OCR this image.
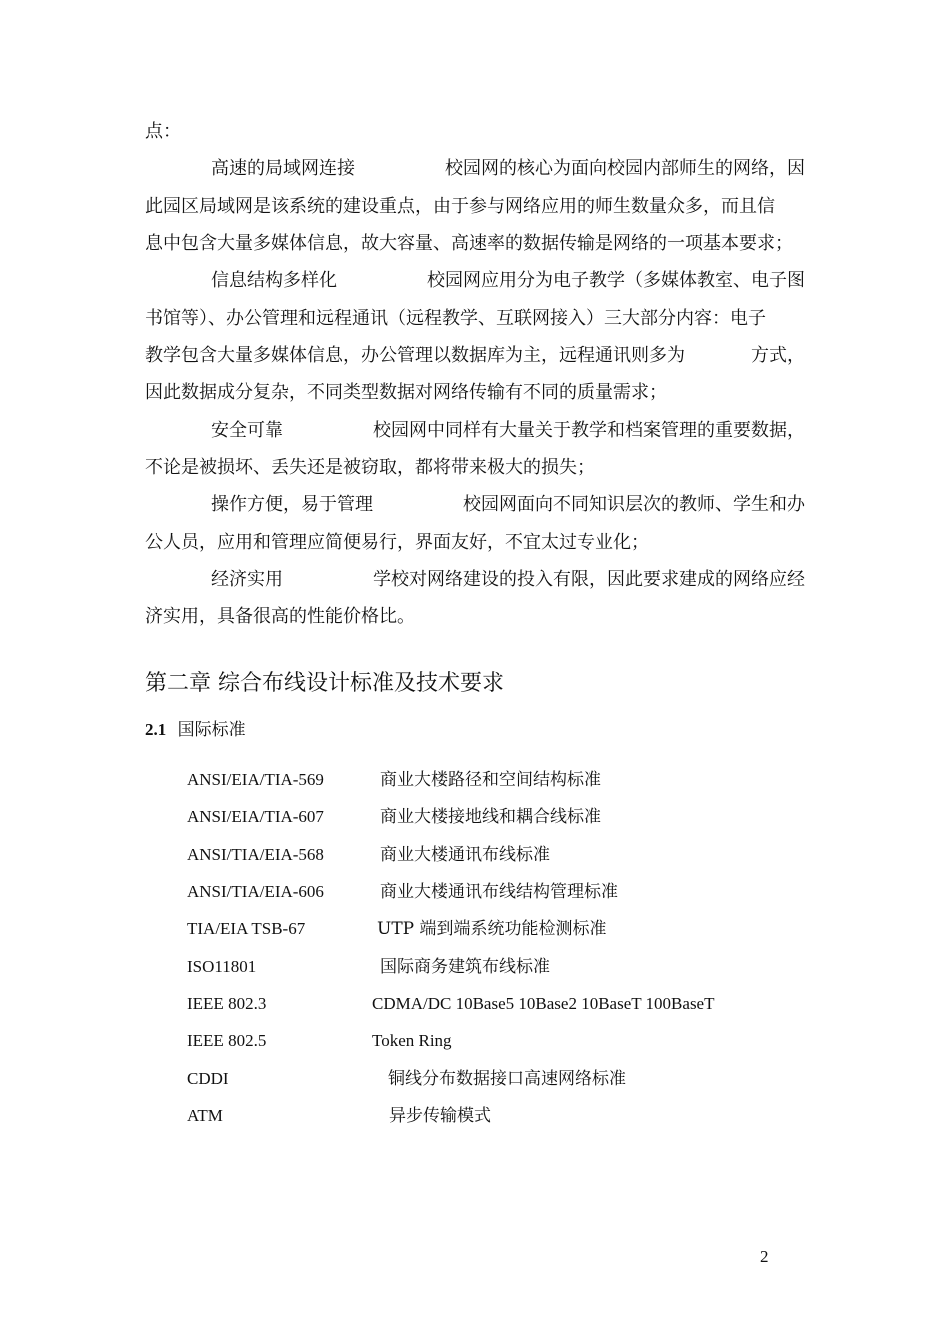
点：
高速的局域网连接	校园网的核心为面向校园内部师生的网络，因
此园区局域网是该系统的建设重点，由于参与网络应用的师生数量众多，而且信
息中包含大量多媒体信息，故大容量、高速率的数据传输是网络的一项基本要求；
信息结构多样化	校园网应用分为电子教学（多媒体教室、电子图
书馆等）、办公管理和远程通讯（远程教学、互联网接入）三大部分内容：电子
教学包含大量多媒体信息，办公管理以数据库为主，远程通讯则多为	方式，
因此数据成分复杂，不同类型数据对网络传输有不同的质量需求；
安全可靠	校园网中同样有大量关于教学和档案管理的重要数据，
不论是被损坏、丢失还是被窃取，都将带来极大的损失；
操作方便，易于管理	校园网面向不同知识层次的教师、学生和办
公人员，应用和管理应简便易行，界面友好，不宜太过专业化；
经济实用	学校对网络建设的投入有限，因此要求建成的网络应经
济实用，具备很高的性能价格比。
第二章 综合布线设计标准及技术要求
2.1 国际标准
ANSI/EIA/TIA-569	商业大楼路径和空间结构标准
ANSI/EIA/TIA-607	商业大楼接地线和耦合线标准
ANSI/TIA/EIA-568	商业大楼通讯布线标准
ANSI/TIA/EIA-606	商业大楼通讯布线结构管理标准
TIA/EIA TSB-67	UTP 端到端系统功能检测标准
ISO11801	国际商务建筑布线标准
IEEE 802.3	CDMA/DC 10Base5 10Base2 10BaseT 100BaseT
IEEE 802.5	Token Ring
CDDI	铜线分布数据接口高速网络标准
ATM	异步传输模式
2
